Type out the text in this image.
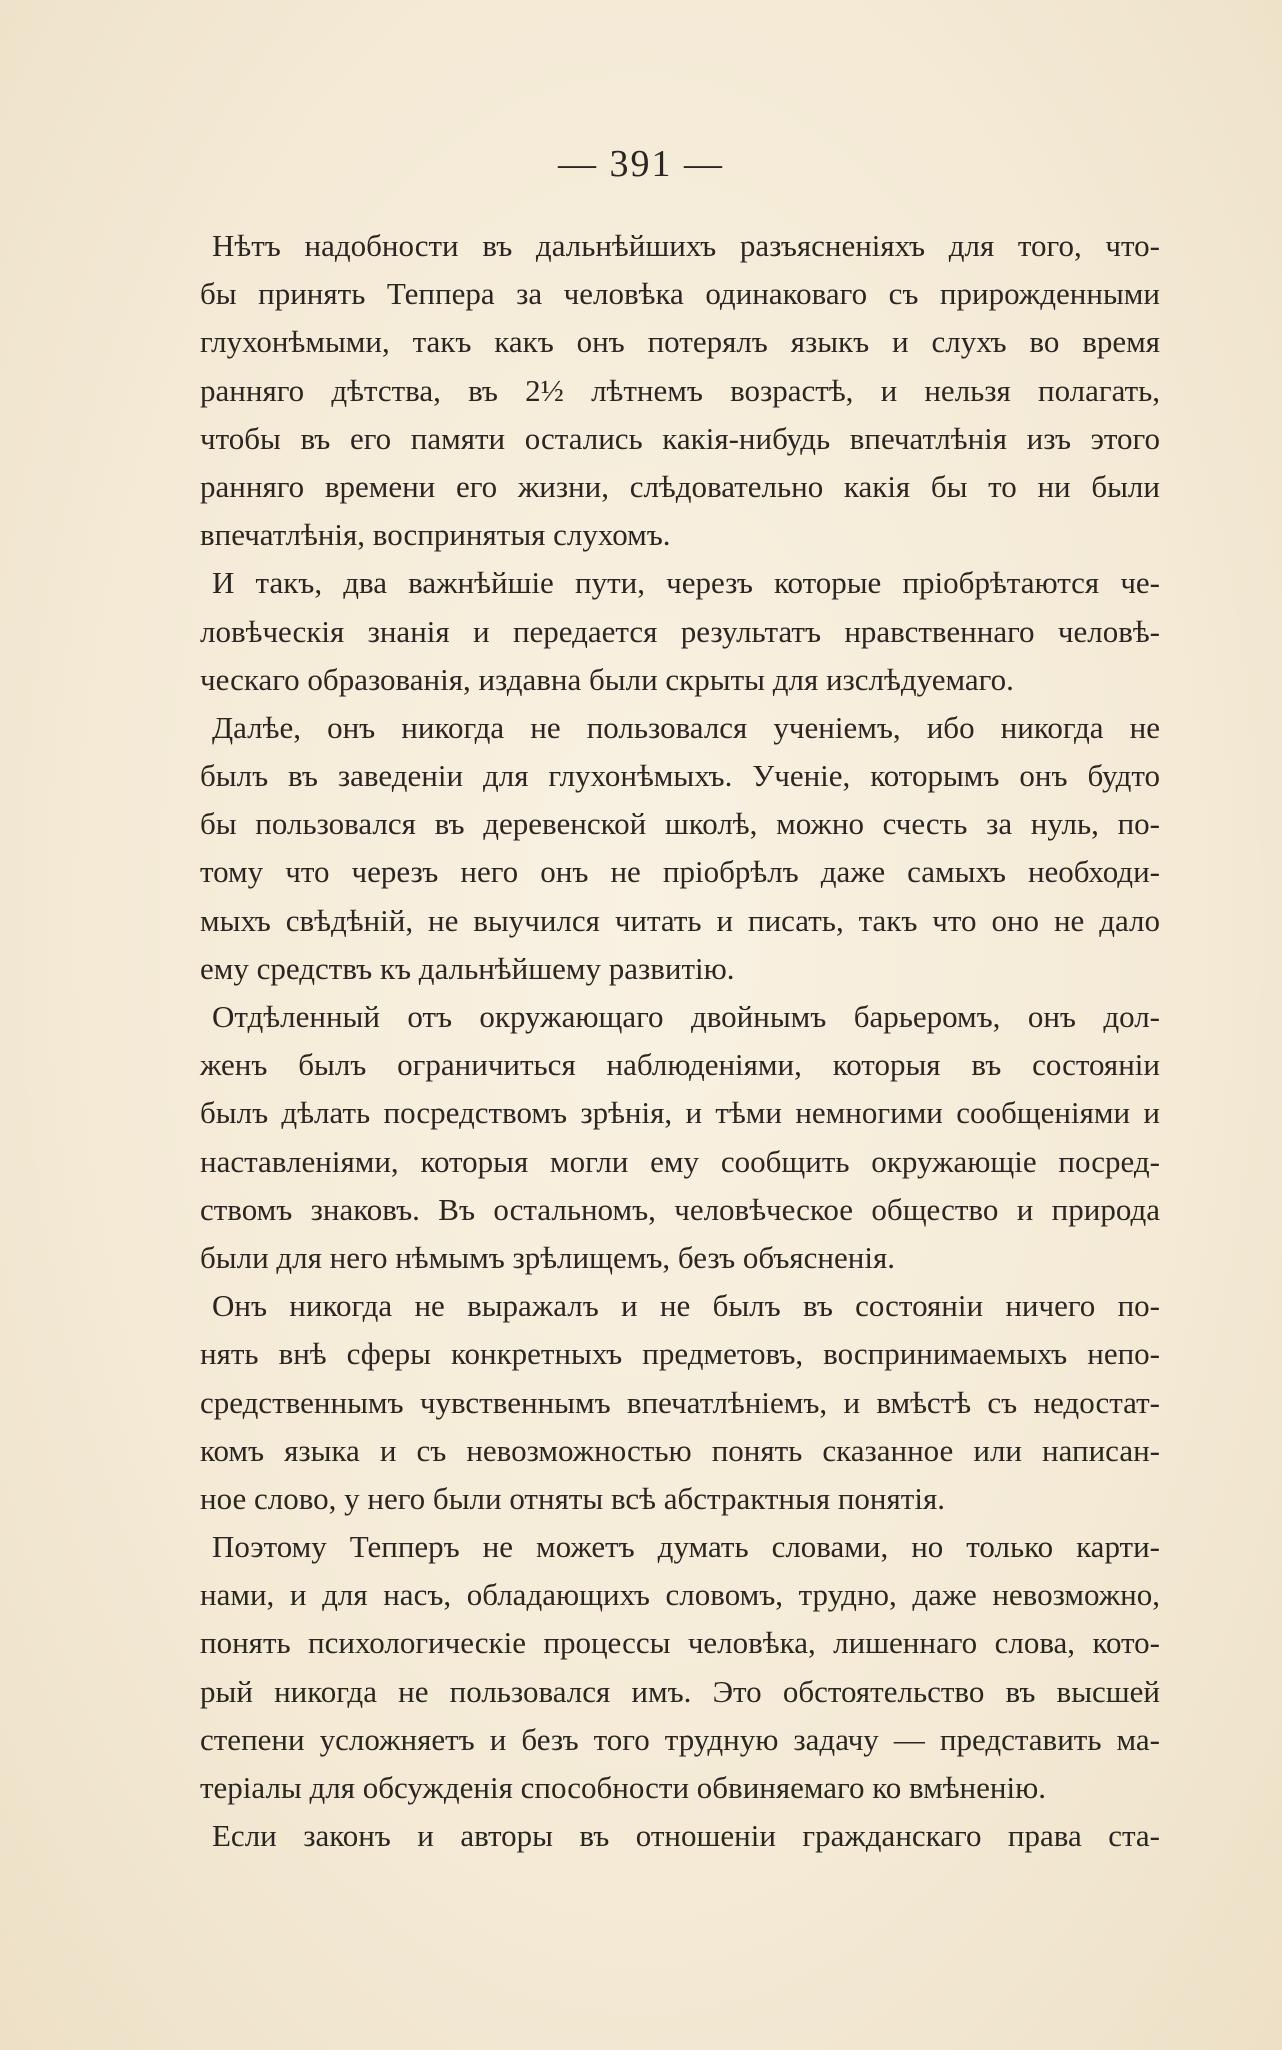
— 391 —
Нѣтъ надобности въ дальнѣйшихъ разъясненіяхъ для того, что-
бы принять Теппера за человѣка одинаковаго съ прирожденными
глухонѣмыми, такъ какъ онъ потерялъ языкъ и слухъ во время
ранняго дѣтства, въ 2½ лѣтнемъ возрастѣ, и нельзя полагать,
чтобы въ его памяти остались какія-нибудь впечатлѣнія изъ этого
ранняго времени его жизни, слѣдовательно какія бы то ни были
впечатлѣнія, воспринятыя слухомъ.
И такъ, два важнѣйшіе пути, черезъ которые пріобрѣтаются че-
ловѣческія знанія и передается результатъ нравственнаго человѣ-
ческаго образованія, издавна были скрыты для изслѣдуемаго.
Далѣе, онъ никогда не пользовался ученіемъ, ибо никогда не
былъ въ заведеніи для глухонѣмыхъ. Ученіе, которымъ онъ будто
бы пользовался въ деревенской школѣ, можно счесть за нуль, по-
тому что черезъ него онъ не пріобрѣлъ даже самыхъ необходи-
мыхъ свѣдѣній, не выучился читать и писать, такъ что оно не дало
ему средствъ къ дальнѣйшему развитію.
Отдѣленный отъ окружающаго двойнымъ барьеромъ, онъ дол-
женъ былъ ограничиться наблюденіями, которыя въ состояніи
былъ дѣлать посредствомъ зрѣнія, и тѣми немногими сообщеніями и
наставленіями, которыя могли ему сообщить окружающіе посред-
ствомъ знаковъ. Въ остальномъ, человѣческое общество и природа
были для него нѣмымъ зрѣлищемъ, безъ объясненія.
Онъ никогда не выражалъ и не былъ въ состояніи ничего по-
нять внѣ сферы конкретныхъ предметовъ, воспринимаемыхъ непо-
средственнымъ чувственнымъ впечатлѣніемъ, и вмѣстѣ съ недостат-
комъ языка и съ невозможностью понять сказанное или написан-
ное слово, у него были отняты всѣ абстрактныя понятія.
Поэтому Тепперъ не можетъ думать словами, но только карти-
нами, и для насъ, обладающихъ словомъ, трудно, даже невозможно,
понять психологическіе процессы человѣка, лишеннаго слова, кото-
рый никогда не пользовался имъ. Это обстоятельство въ высшей
степени усложняетъ и безъ того трудную задачу — представить ма-
теріалы для обсужденія способности обвиняемаго ко вмѣненію.
Если законъ и авторы въ отношеніи гражданскаго права ста-
